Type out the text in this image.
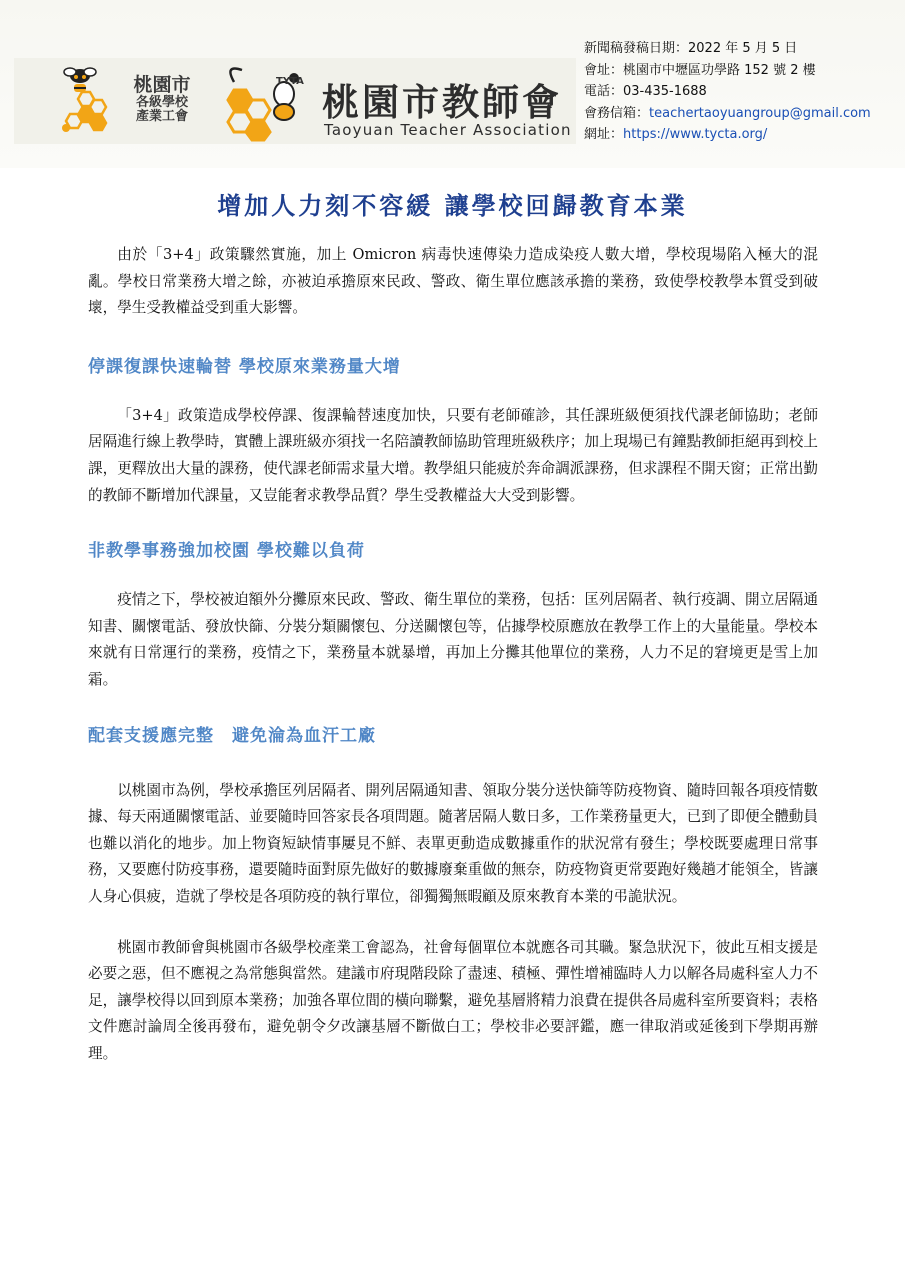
桃園市
各級學校
產業工會
TYTA 桃園市教師會
Taoyuan Teacher Association
新聞稿發稿日期：2022 年 5 月 5 日
會址：桃園市中壢區功學路 152 號 2 樓
電話：03-435-1688
會務信箱：teachertaoyuangroup@gmail.com
網址：https://www.tycta.org/
增加人力刻不容緩 讓學校回歸教育本業

由於「3+4」政策驟然實施，加上 Omicron 病毒快速傳染力造成染疫人數大增，學校現場陷入極大的混亂。學校日常業務大增之餘，亦被迫承擔原來民政、警政、衛生單位應該承擔的業務，致使學校教學本質受到破壞，學生受教權益受到重大影響。

停課復課快速輪替 學校原來業務量大增

「3+4」政策造成學校停課、復課輪替速度加快，只要有老師確診，其任課班級便須找代課老師協助；老師居隔進行線上教學時，實體上課班級亦須找一名陪讀教師協助管理班級秩序；加上現場已有鐘點教師拒絕再到校上課，更釋放出大量的課務，使代課老師需求量大增。教學組只能疲於奔命調派課務，但求課程不開天窗；正常出勤的教師不斷增加代課量，又豈能奢求教學品質？學生受教權益大大受到影響。

非教學事務強加校園 學校難以負荷

疫情之下，學校被迫額外分攤原來民政、警政、衛生單位的業務，包括：匡列居隔者、執行疫調、開立居隔通知書、關懷電話、發放快篩、分裝分類關懷包、分送關懷包等，佔據學校原應放在教學工作上的大量能量。學校本來就有日常運行的業務，疫情之下，業務量本就暴增，再加上分攤其他單位的業務，人力不足的窘境更是雪上加霜。

配套支援應完整　避免淪為血汗工廠

以桃園市為例，學校承擔匡列居隔者、開列居隔通知書、領取分裝分送快篩等防疫物資、隨時回報各項疫情數據、每天兩通關懷電話、並要隨時回答家長各項問題。隨著居隔人數日多，工作業務量更大，已到了即便全體動員也難以消化的地步。加上物資短缺情事屢見不鮮、表單更動造成數據重作的狀況常有發生；學校既要處理日常事務，又要應付防疫事務，還要隨時面對原先做好的數據廢棄重做的無奈，防疫物資更常要跑好幾趟才能領全，皆讓人身心俱疲，造就了學校是各項防疫的執行單位，卻獨獨無暇顧及原來教育本業的弔詭狀況。

桃園市教師會與桃園市各級學校產業工會認為，社會每個單位本就應各司其職。緊急狀況下，彼此互相支援是必要之惡，但不應視之為常態與當然。建議市府現階段除了盡速、積極、彈性增補臨時人力以解各局處科室人力不足，讓學校得以回到原本業務；加強各單位間的橫向聯繫，避免基層將精力浪費在提供各局處科室所要資料；表格文件應討論周全後再發布，避免朝令夕改讓基層不斷做白工；學校非必要評鑑，應一律取消或延後到下學期再辦理。
